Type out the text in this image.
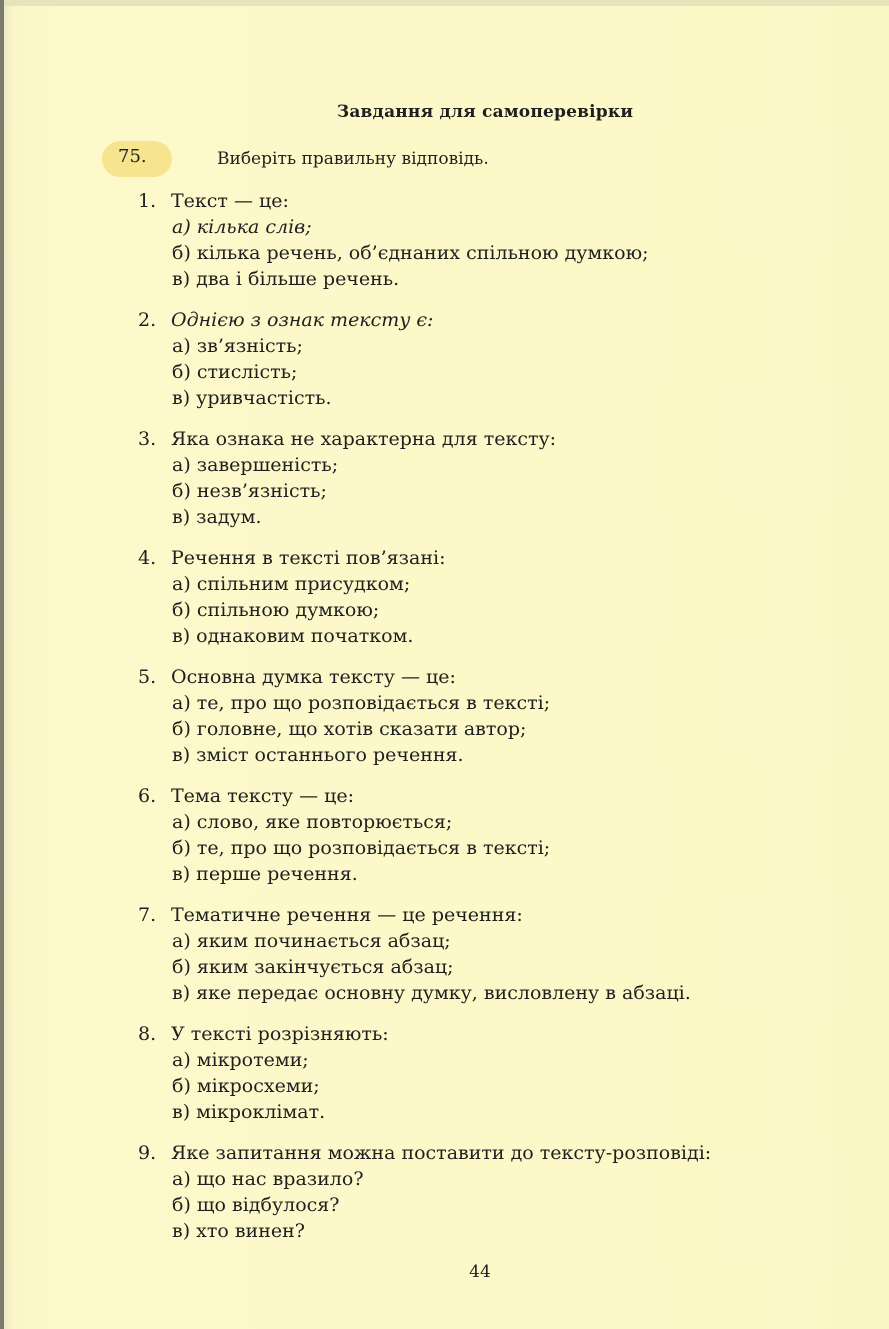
Завдання для самоперевірки
75.	Виберіть правильну відповідь.
1. Текст — це:
а) кілька слів;
б) кілька речень, об’єднаних спільною думкою;
в) два і більше речень.
2. Однією з ознак тексту є:
а) зв’язність;
б) стислість;
в) уривчастість.
3. Яка ознака не характерна для тексту:
а) завершеність;
б) незв’язність;
в) задум.
4. Речення в тексті пов’язані:
а) спільним присудком;
б) спільною думкою;
в) однаковим початком.
5. Основна думка тексту — це:
а) те, про що розповідається в тексті;
б) головне, що хотів сказати автор;
в) зміст останнього речення.
6. Тема тексту — це:
а) слово, яке повторюється;
б) те, про що розповідається в тексті;
в) перше речення.
7. Тематичне речення — це речення:
а) яким починається абзац;
б) яким закінчується абзац;
в) яке передає основну думку, висловлену в абзаці.
8. У тексті розрізняють:
а) мікротеми;
б) мікросхеми;
в) мікроклімат.
9. Яке запитання можна поставити до тексту-розповіді:
а) що нас вразило?
б) що відбулося?
в) хто винен?
44
